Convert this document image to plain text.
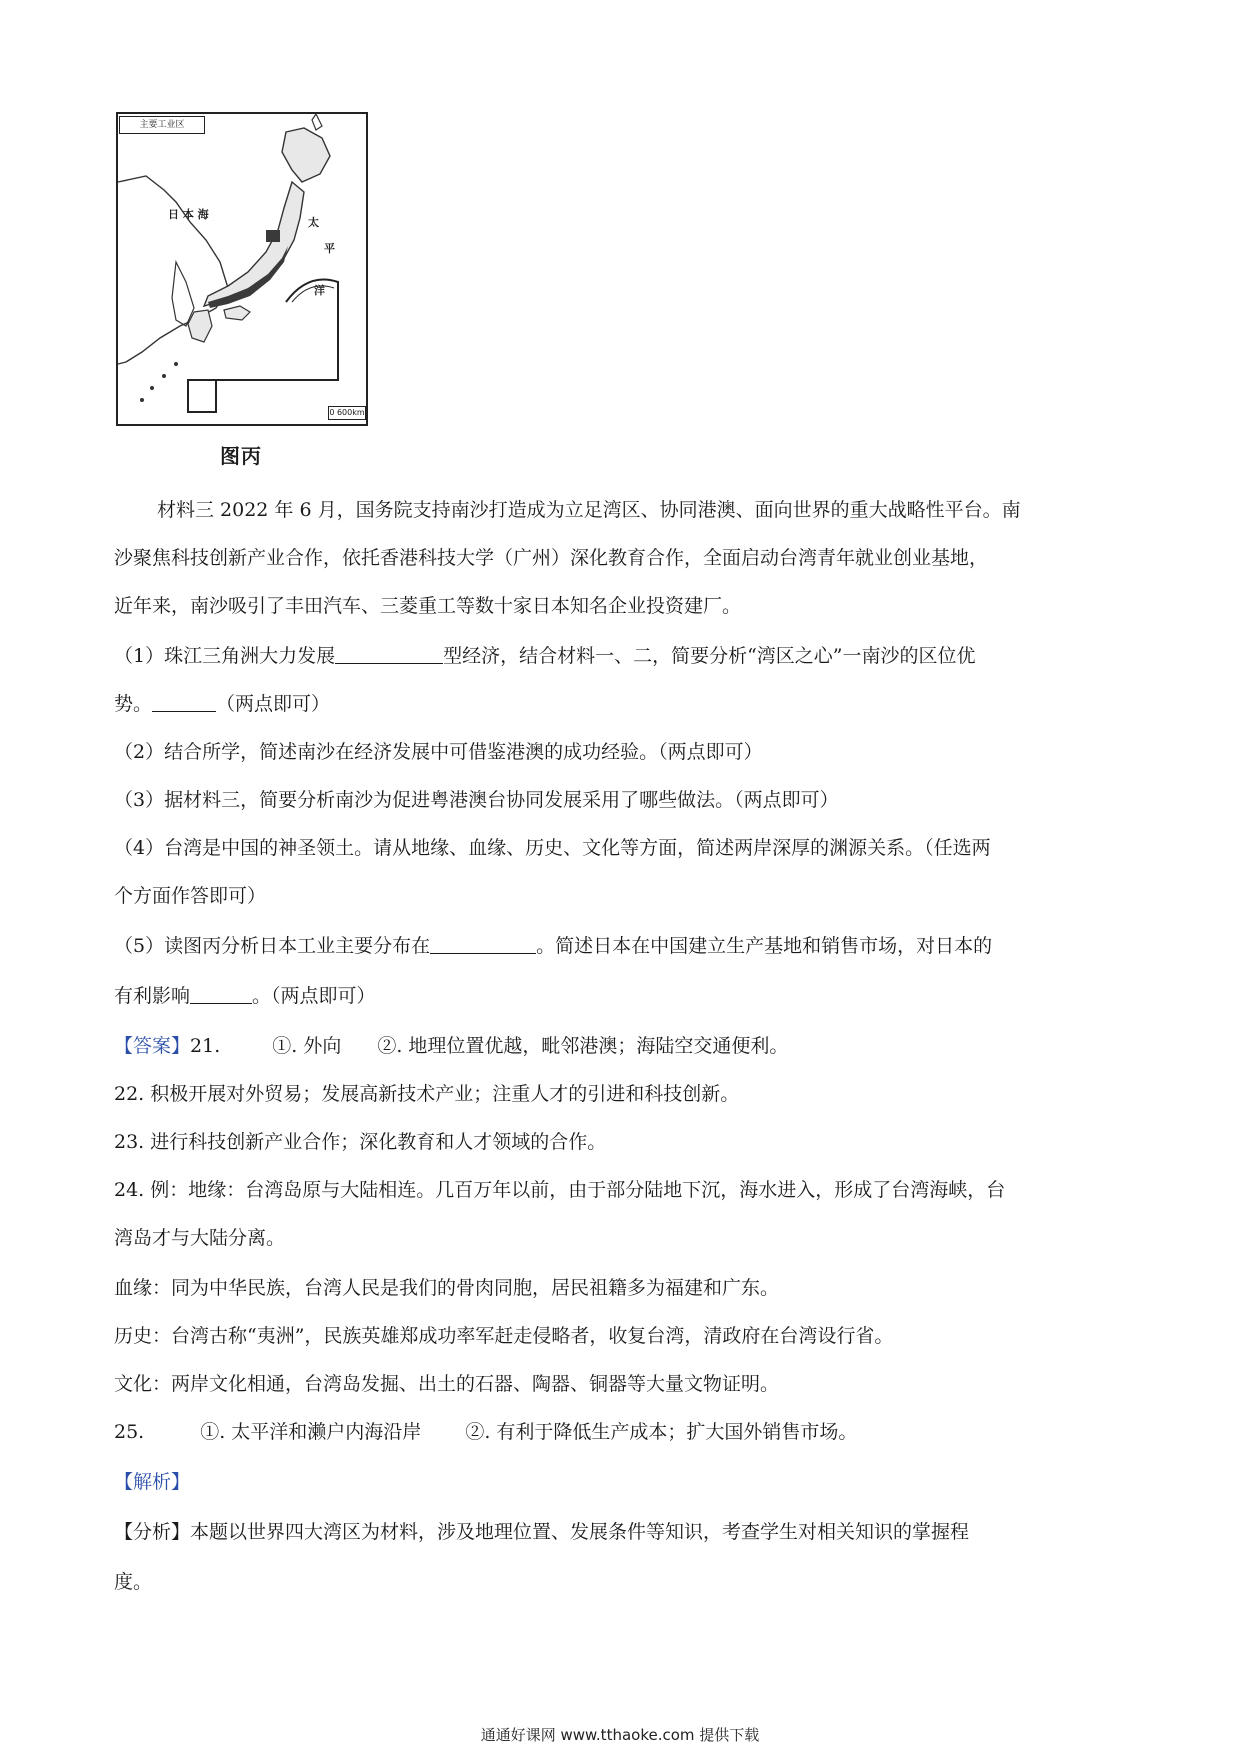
主要工业区
日 本 海
太
平
洋
0 600km
图丙
材料三 2022 年 6 月，国务院支持南沙打造成为立足湾区、协同港澳、面向世界的重大战略性平台。南
沙聚焦科技创新产业合作，依托香港科技大学（广州）深化教育合作，全面启动台湾青年就业创业基地，
近年来，南沙吸引了丰田汽车、三菱重工等数十家日本知名企业投资建厂。
（1）珠江三角洲大力发展	型经济，结合材料一、二，简要分析“湾区之心”一南沙的区位优
势。	（两点即可）
（2）结合所学，简述南沙在经济发展中可借鉴港澳的成功经验。（两点即可）
（3）据材料三，简要分析南沙为促进粤港澳台协同发展采用了哪些做法。（两点即可）
（4）台湾是中国的神圣领土。请从地缘、血缘、历史、文化等方面，简述两岸深厚的渊源关系。（任选两
个方面作答即可）
（5）读图丙分析日本工业主要分布在	。简述日本在中国建立生产基地和销售市场，对日本的
有利影响	。（两点即可）
【答案】21.	①. 外向 ②. 地理位置优越，毗邻港澳；海陆空交通便利。
22. 积极开展对外贸易；发展高新技术产业；注重人才的引进和科技创新。
23. 进行科技创新产业合作；深化教育和人才领域的合作。
24. 例：地缘：台湾岛原与大陆相连。几百万年以前，由于部分陆地下沉，海水进入，形成了台湾海峡，台
湾岛才与大陆分离。
血缘：同为中华民族，台湾人民是我们的骨肉同胞，居民祖籍多为福建和广东。
历史：台湾古称“夷洲”，民族英雄郑成功率军赶走侵略者，收复台湾，清政府在台湾设行省。
文化：两岸文化相通，台湾岛发掘、出土的石器、陶器、铜器等大量文物证明。
25.	①. 太平洋和濑户内海沿岸 ②. 有利于降低生产成本；扩大国外销售市场。
【解析】
【分析】本题以世界四大湾区为材料，涉及地理位置、发展条件等知识，考查学生对相关知识的掌握程
度。
通通好课网 www.tthaoke.com 提供下载
